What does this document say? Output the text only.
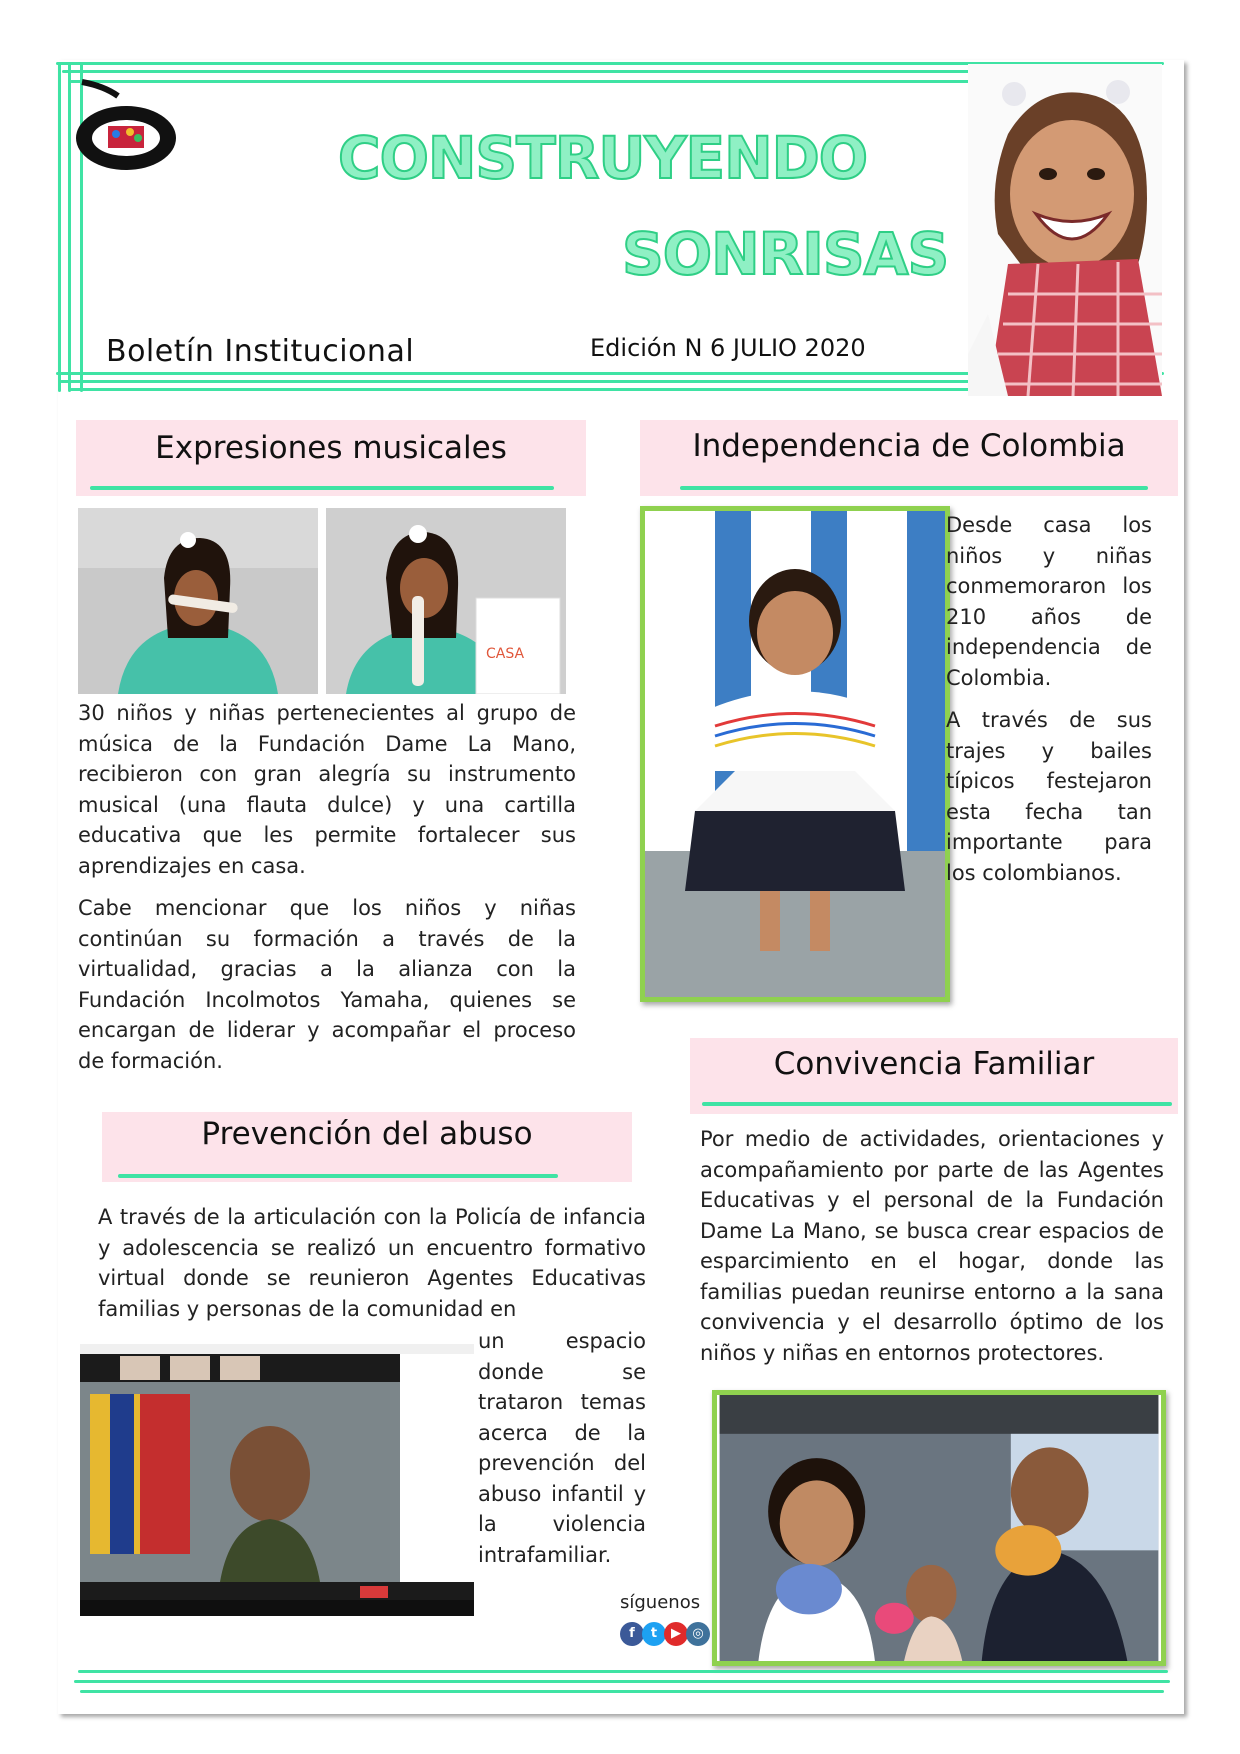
CONSTRUYENDO
SONRISAS
Boletín Institucional	Edición N 6 JULIO 2020
Expresiones musicales
CASA

30 niños y niñas pertenecientes al grupo de música de la Fundación Dame La Mano, recibieron con gran alegría su instrumento musical (una flauta dulce) y una cartilla educativa que les permite fortalecer sus aprendizajes en casa.

Cabe mencionar que los niños y niñas continúan su formación a través de la virtualidad, gracias a la alianza con la Fundación Incolmotos Yamaha, quienes se encargan de liderar y acompañar el proceso de formación.

Independencia de Colombia

Desde casa los niños y niñas conmemoraron los 210 años de independencia de Colombia.

A través de sus trajes y bailes típicos festejaron esta fecha tan importante para los colombianos.

Convivencia Familiar

Por medio de actividades, orientaciones y acompañamiento por parte de las Agentes Educativas y el personal de la Fundación Dame La Mano, se busca crear espacios de esparcimiento en el hogar, donde las familias puedan reunirse entorno a la sana convivencia y el desarrollo óptimo de los niños y niñas en entornos protectores.

Prevención del abuso

A través de la articulación con la Policía de infancia y adolescencia se realizó un encuentro formativo virtual donde se reunieron Agentes Educativas familias y personas de la comunidad en

un espacio donde se trataron temas acerca de la prevención del abuso infantil y la violencia intrafamiliar.

síguenos
f	t	▶ ◎
